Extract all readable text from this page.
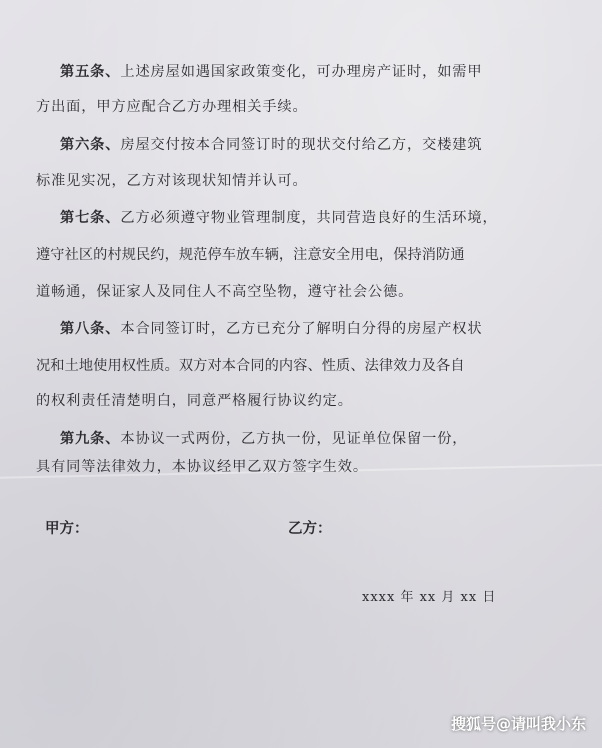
第五条、上述房屋如遇国家政策变化，可办理房产证时，如需甲
方出面，甲方应配合乙方办理相关手续。
第六条、房屋交付按本合同签订时的现状交付给乙方，交楼建筑
标准见实况，乙方对该现状知情并认可。
第七条、乙方必须遵守物业管理制度，共同营造良好的生活环境，
遵守社区的村规民约，规范停车放车辆，注意安全用电，保持消防通
道畅通，保证家人及同住人不高空坠物，遵守社会公德。
第八条、本合同签订时，乙方已充分了解明白分得的房屋产权状
况和土地使用权性质。双方对本合同的内容、性质、法律效力及各自
的权利责任清楚明白，同意严格履行协议约定。
第九条、本协议一式两份，乙方执一份，见证单位保留一份，
具有同等法律效力，本协议经甲乙双方签字生效。
甲方：	乙方：
xxxx 年 xx 月 xx 日
搜狐号@请叫我小东
